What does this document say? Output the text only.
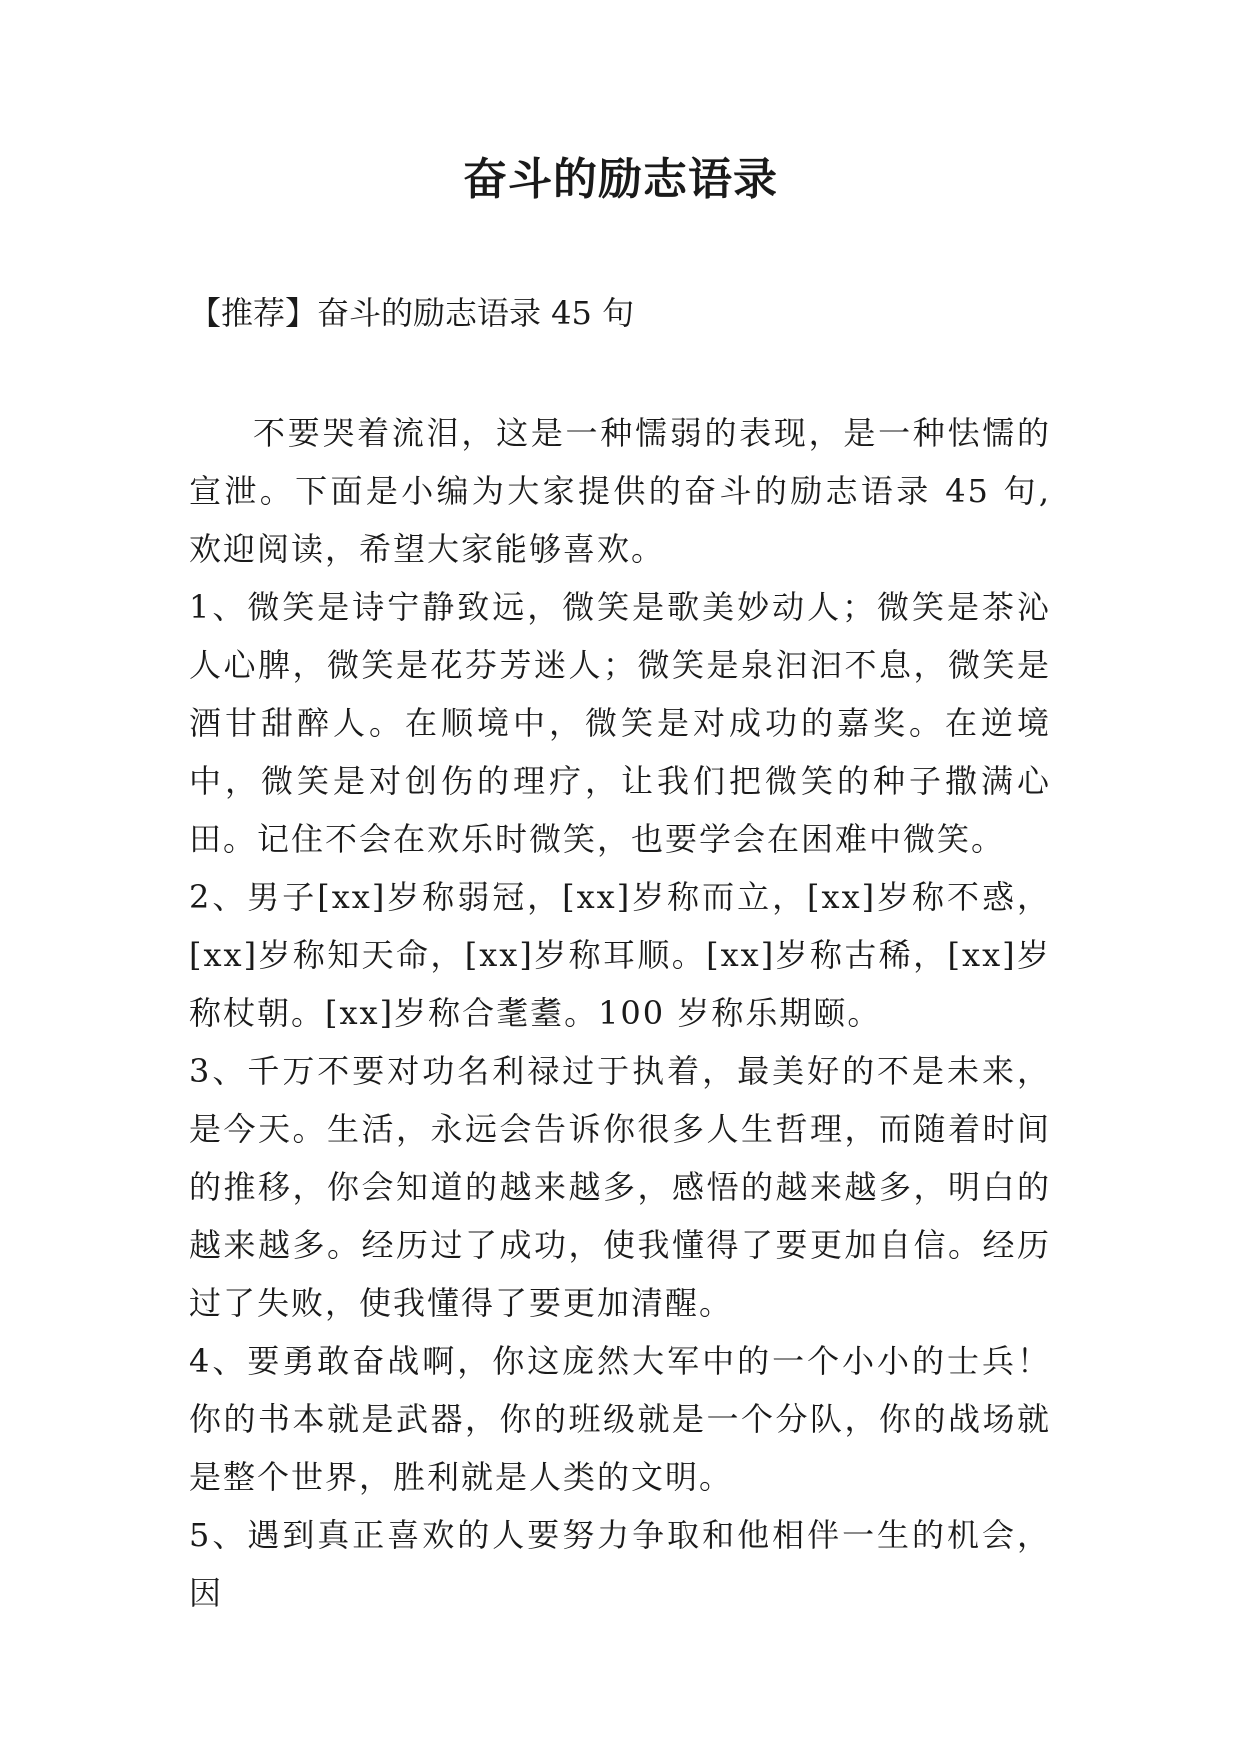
奋斗的励志语录
【推荐】奋斗的励志语录 45 句

不要哭着流泪，这是一种懦弱的表现，是一种怯懦的宣泄。下面是小编为大家提供的奋斗的励志语录 45 句,欢迎阅读，希望大家能够喜欢。

1、微笑是诗宁静致远，微笑是歌美妙动人；微笑是茶沁人心脾，微笑是花芬芳迷人；微笑是泉汩汩不息，微笑是酒甘甜醉人。在顺境中，微笑是对成功的嘉奖。在逆境中，微笑是对创伤的理疗，让我们把微笑的种子撒满心田。记住不会在欢乐时微笑，也要学会在困难中微笑。

2、男子[xx]岁称弱冠，[xx]岁称而立，[xx]岁称不惑，[xx]岁称知天命，[xx]岁称耳顺。[xx]岁称古稀，[xx]岁称杖朝。[xx]岁称合耄耋。100 岁称乐期颐。

3、千万不要对功名利禄过于执着，最美好的不是未来，是今天。生活，永远会告诉你很多人生哲理，而随着时间的推移，你会知道的越来越多，感悟的越来越多，明白的越来越多。经历过了成功，使我懂得了要更加自信。经历过了失败，使我懂得了要更加清醒。

4、要勇敢奋战啊，你这庞然大军中的一个小小的士兵！你的书本就是武器，你的班级就是一个分队，你的战场就是整个世界，胜利就是人类的文明。

5、遇到真正喜欢的人要努力争取和他相伴一生的机会，因
